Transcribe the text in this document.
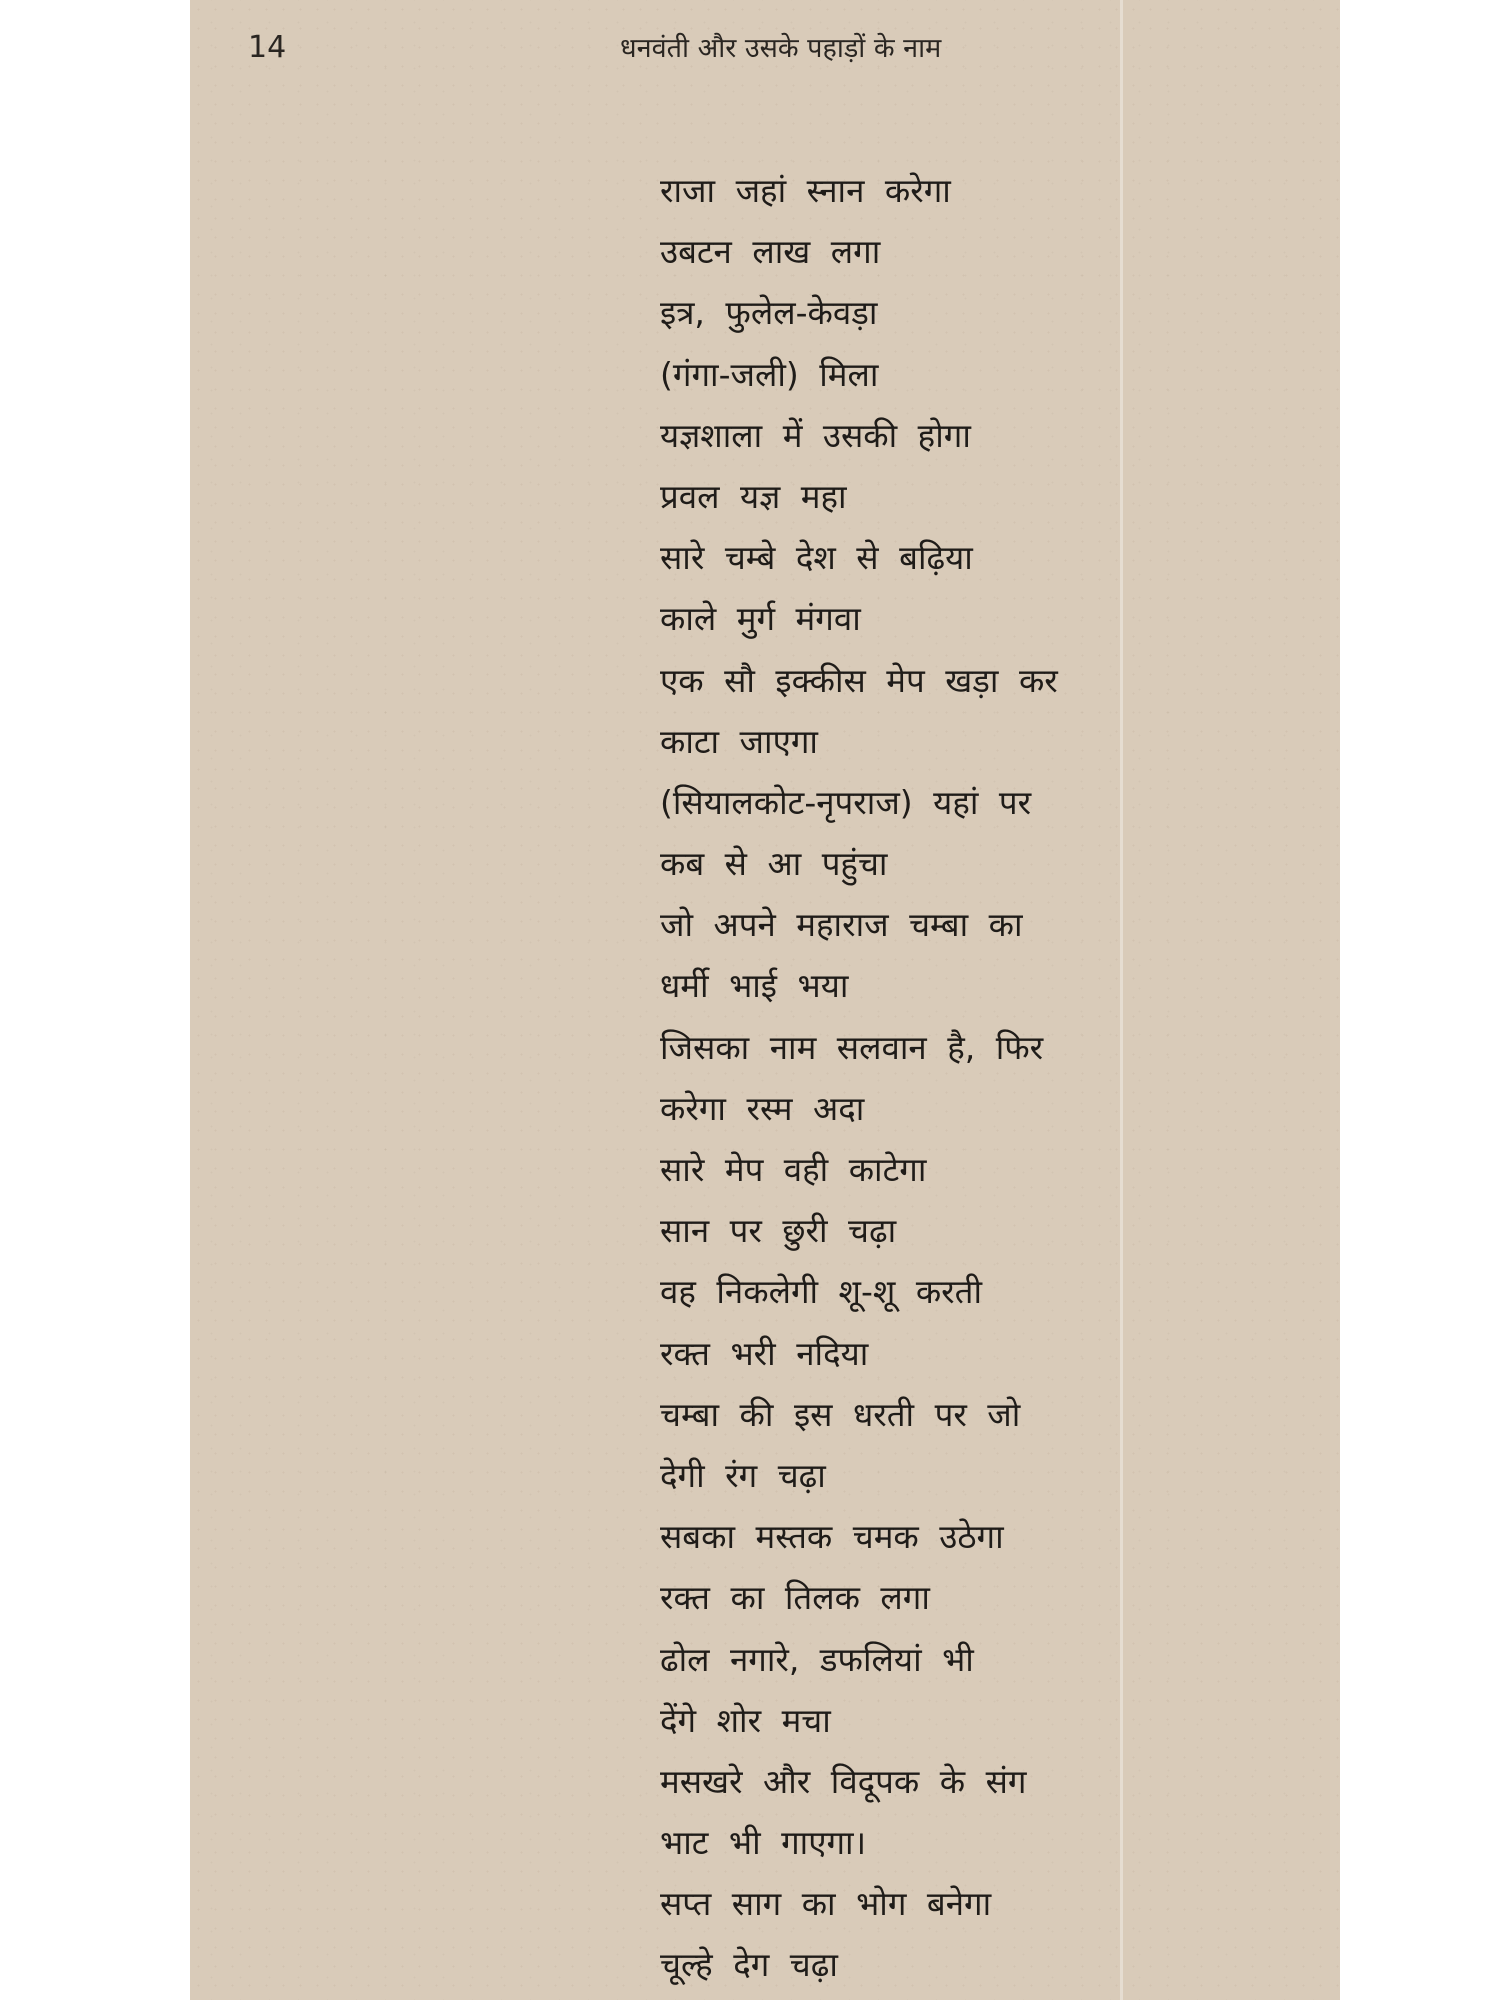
14	धनवंती और उसके पहाड़ों के नाम
राजा जहां स्नान करेगा
उबटन लाख लगा
इत्र, फुलेल-केवड़ा
(गंगा-जली) मिला
यज्ञशाला में उसकी होगा
प्रवल यज्ञ महा
सारे चम्बे देश से बढ़िया
काले मुर्ग मंगवा
एक सौ इक्कीस मेप खड़ा कर
काटा जाएगा
(सियालकोट-नृपराज) यहां पर
कब से आ पहुंचा
जो अपने महाराज चम्बा का
धर्मी भाई भया
जिसका नाम सलवान है, फिर
करेगा रस्म अदा
सारे मेप वही काटेगा
सान पर छुरी चढ़ा
वह निकलेगी शू-शू करती
रक्त भरी नदिया
चम्बा की इस धरती पर जो
देगी रंग चढ़ा
सबका मस्तक चमक उठेगा
रक्त का तिलक लगा
ढोल नगारे, डफलियां भी
देंगे शोर मचा
मसखरे और विदूपक के संग
भाट भी गाएगा।
सप्त साग का भोग बनेगा
चूल्हे देग चढ़ा
